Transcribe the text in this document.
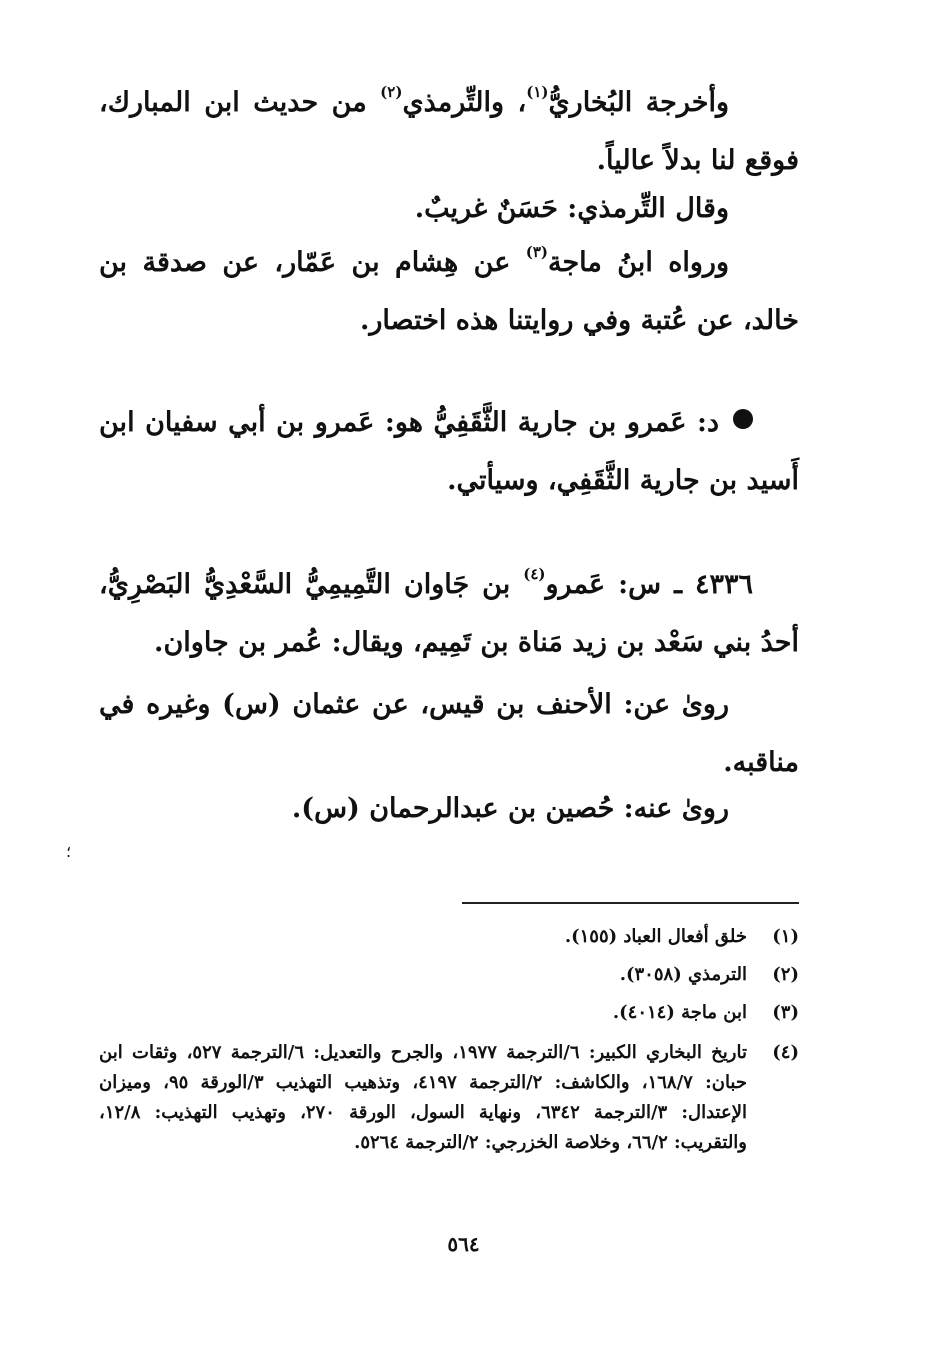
وأخرجة البُخاريُّ$^{(١)}$، والتِّرمذي$^{(٢)}$ من حديث ابن المبارك، فوقع لنا بدلاً عالياً.
وقال التِّرمذي: حَسَنٌ غريبٌ.
ورواه ابنُ ماجة$^{(٣)}$ عن هِشام بن عَمّار، عن صدقة بن خالد، عن عُتبة وفي روايتنا هذه اختصار.
د: عَمرو بن جارية الثَّقَفِيُّ هو: عَمرو بن أبي سفيان ابن أَسيد بن جارية الثَّقَفِي، وسيأتي.
٤٣٣٦ ـ س: عَمرو$^{(٤)}$ بن جَاوان التَّمِيمِيُّ السَّعْدِيُّ البَصْرِيُّ، أحدُ بني سَعْد بن زيد مَناة بن تَمِيم، ويقال: عُمر بن جاوان.
روىٰ عن: الأحنف بن قيس، عن عثمان (س) وغيره في مناقبه.
روىٰ عنه: حُصين بن عبدالرحمان (س).
؛
(١)
خلق أفعال العباد (١٥٥).
(٢)
الترمذي (٣٠٥٨).
(٣)
ابن ماجة (٤٠١٤).
(٤)
تاريخ البخاري الكبير: ٦/الترجمة ١٩٧٧، والجرح والتعديل: ٦/الترجمة ٥٢٧، وثقات ابن حبان: ١٦٨/٧، والكاشف: ٢/الترجمة ٤١٩٧، وتذهيب التهذيب ٣/الورقة ٩٥، وميزان الإعتدال: ٣/الترجمة ٦٣٤٢، ونهاية السول، الورقة ٢٧٠، وتهذيب التهذيب: ١٢/٨، والتقريب: ٦٦/٢، وخلاصة الخزرجي: ٢/الترجمة ٥٢٦٤.
٥٦٤
